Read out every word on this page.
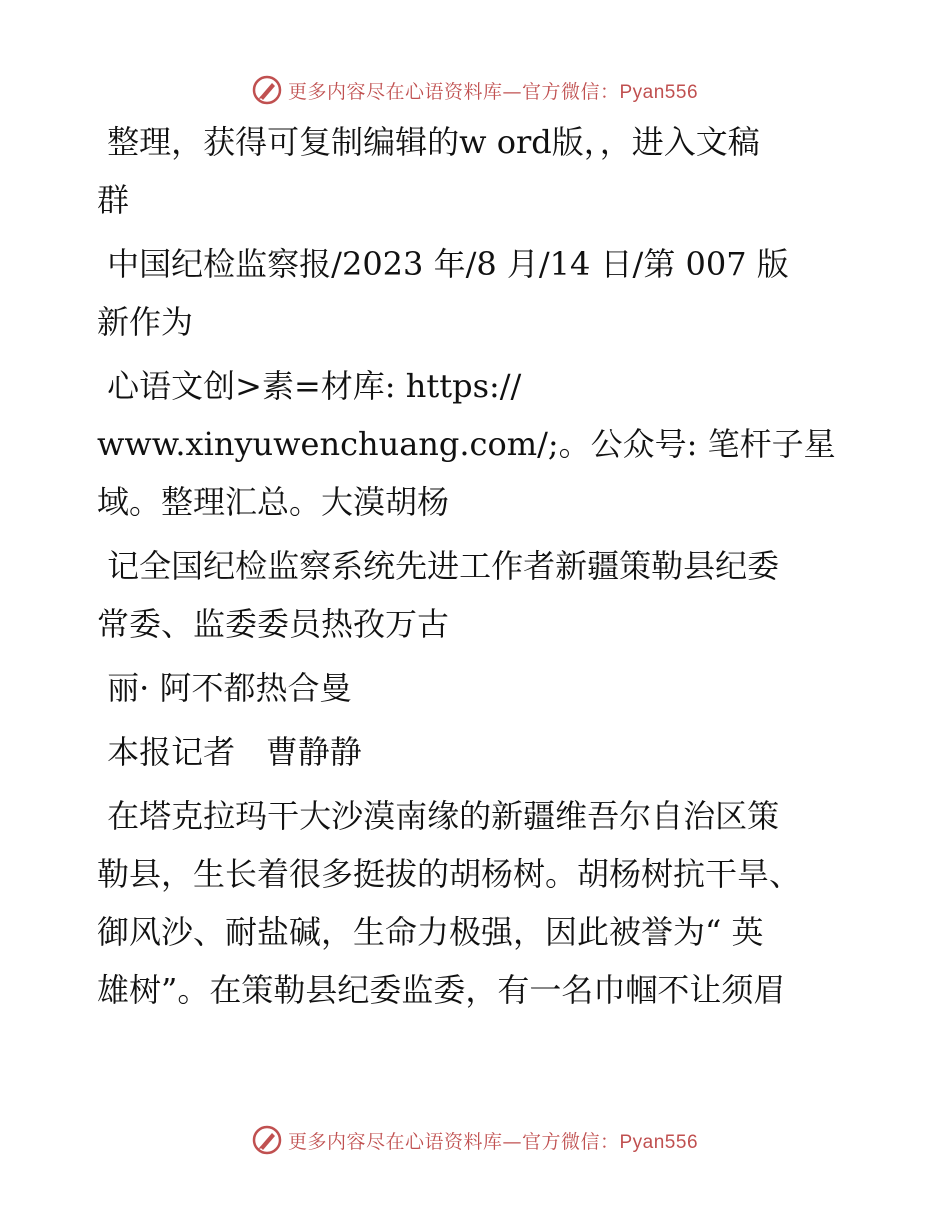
更多内容尽在心语资料库—官方微信：Pyan556

整理，获得可复制编辑的w ord版，，进入文稿
群

中国纪检监察报/2023 年/8 月/14 日/第 007 版
新作为

心语文创>素=材库: https://
www.xinyuwenchuang.com/;。公众号: 笔杆子星
域。整理汇总。大漠胡杨

记全国纪检监察系统先进工作者新疆策勒县纪委
常委、监委委员热孜万古

丽· 阿不都热合曼

本报记者   曹静静

在塔克拉玛干大沙漠南缘的新疆维吾尔自治区策
勒县，生长着很多挺拔的胡杨树。胡杨树抗干旱、
御风沙、耐盐碱，生命力极强，因此被誉为“ 英
雄树”。在策勒县纪委监委，有一名巾帼不让须眉

更多内容尽在心语资料库—官方微信：Pyan556
